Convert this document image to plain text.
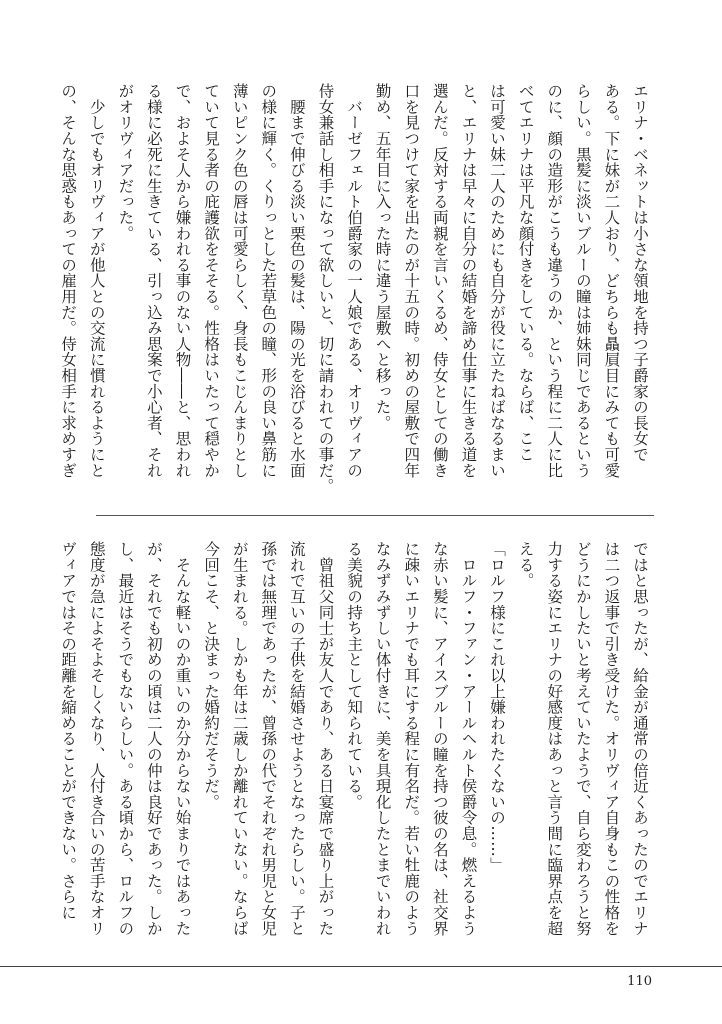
エリナ・ベネットは小さな領地を持つ子爵家の長女で

ある。下に妹が二人おり、どちらも贔屓目にみても可愛

らしい。黒髪に淡いブルーの瞳は姉妹同じであるという

のに、顔の造形がこうも違うのか、という程に二人に比

べてエリナは平凡な顔付きをしている。ならば、ここ

は可愛い妹二人のためにも自分が役に立たねばなるまい

と、エリナは早々に自分の結婚を諦め仕事に生きる道を

選んだ。反対する両親を言いくるめ、侍女としての働き

口を見つけて家を出たのが十五の時。初めの屋敷で四年

勤め、五年目に入った時に違う屋敷へと移った。

　バーゼフェルト伯爵家の一人娘である、オリヴィアの

侍女兼話し相手になって欲しいと、切に請われての事だ。

　腰まで伸びる淡い栗色の髪は、陽の光を浴びると水面

の様に輝く。くりっとした若草色の瞳、形の良い鼻筋に

薄いピンク色の唇は可愛らしく、身長もこじんまりとし

ていて見る者の庇護欲をそそる。性格はいたって穏やか

で、およそ人から嫌われる事のない人物――と、思われ

る様に必死に生きている、引っ込み思案で小心者、それ

がオリヴィアだった。

　少しでもオリヴィアが他人との交流に慣れるようにと

の、そんな思惑もあっての雇用だ。侍女相手に求めすぎ

ではと思ったが、給金が通常の倍近くあったのでエリナ

は二つ返事で引き受けた。オリヴィア自身もこの性格を

どうにかしたいと考えていたようで、自ら変わろうと努

力する姿にエリナの好感度はあっと言う間に臨界点を超

える。

「ロルフ様にこれ以上嫌われたくないの……」

　ロルフ・ファン・アールヘルト侯爵令息。燃えるよう

な赤い髪に、アイスブルーの瞳を持つ彼の名は、社交界

に疎いエリナでも耳にする程に有名だ。若い牡鹿のよう

なみずみずしい体付きに、美を具現化したとまでいわれ

る美貌の持ち主として知られている。

　曾祖父同士が友人であり、ある日宴席で盛り上がった

流れで互いの子供を結婚させようとなったらしい。子と

孫では無理であったが、曾孫の代でそれぞれ男児と女児

が生まれる。しかも年は二歳しか離れていない。ならば

今回こそ、と決まった婚約だそうだ。

　そんな軽いのか重いのか分からない始まりではあった

が、それでも初めの頃は二人の仲は良好であった。しか

し、最近はそうでもないらしい。ある頃から、ロルフの

態度が急によそよそしくなり、人付き合いの苦手なオリ

ヴィアではその距離を縮めることができない。さらに

110
